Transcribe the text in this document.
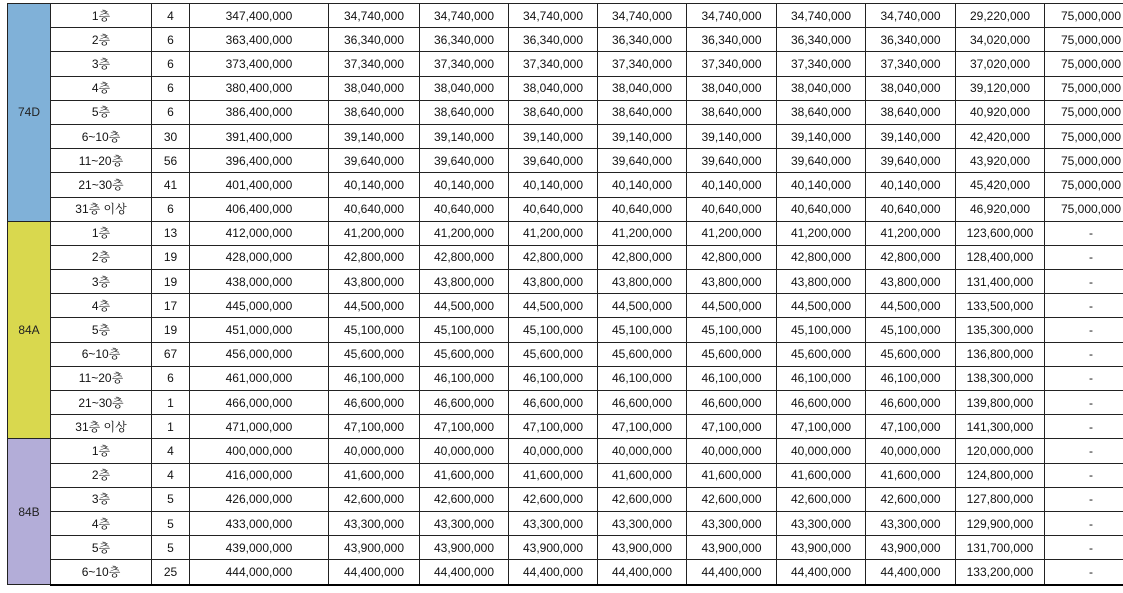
74D	1층	4	347,400,000	34,740,000	34,740,000	34,740,000	34,740,000	34,740,000	34,740,000	34,740,000	29,220,000	75,000,000
	2층	6	363,400,000	36,340,000	36,340,000	36,340,000	36,340,000	36,340,000	36,340,000	36,340,000	34,020,000	75,000,000
	3층	6	373,400,000	37,340,000	37,340,000	37,340,000	37,340,000	37,340,000	37,340,000	37,340,000	37,020,000	75,000,000
	4층	6	380,400,000	38,040,000	38,040,000	38,040,000	38,040,000	38,040,000	38,040,000	38,040,000	39,120,000	75,000,000
	5층	6	386,400,000	38,640,000	38,640,000	38,640,000	38,640,000	38,640,000	38,640,000	38,640,000	40,920,000	75,000,000
	6~10층	30	391,400,000	39,140,000	39,140,000	39,140,000	39,140,000	39,140,000	39,140,000	39,140,000	42,420,000	75,000,000
	11~20층	56	396,400,000	39,640,000	39,640,000	39,640,000	39,640,000	39,640,000	39,640,000	39,640,000	43,920,000	75,000,000
	21~30층	41	401,400,000	40,140,000	40,140,000	40,140,000	40,140,000	40,140,000	40,140,000	40,140,000	45,420,000	75,000,000
	31층 이상	6	406,400,000	40,640,000	40,640,000	40,640,000	40,640,000	40,640,000	40,640,000	40,640,000	46,920,000	75,000,000
84A	1층	13	412,000,000	41,200,000	41,200,000	41,200,000	41,200,000	41,200,000	41,200,000	41,200,000	123,600,000	-
	2층	19	428,000,000	42,800,000	42,800,000	42,800,000	42,800,000	42,800,000	42,800,000	42,800,000	128,400,000	-
	3층	19	438,000,000	43,800,000	43,800,000	43,800,000	43,800,000	43,800,000	43,800,000	43,800,000	131,400,000	-
	4층	17	445,000,000	44,500,000	44,500,000	44,500,000	44,500,000	44,500,000	44,500,000	44,500,000	133,500,000	-
	5층	19	451,000,000	45,100,000	45,100,000	45,100,000	45,100,000	45,100,000	45,100,000	45,100,000	135,300,000	-
	6~10층	67	456,000,000	45,600,000	45,600,000	45,600,000	45,600,000	45,600,000	45,600,000	45,600,000	136,800,000	-
	11~20층	6	461,000,000	46,100,000	46,100,000	46,100,000	46,100,000	46,100,000	46,100,000	46,100,000	138,300,000	-
	21~30층	1	466,000,000	46,600,000	46,600,000	46,600,000	46,600,000	46,600,000	46,600,000	46,600,000	139,800,000	-
	31층 이상	1	471,000,000	47,100,000	47,100,000	47,100,000	47,100,000	47,100,000	47,100,000	47,100,000	141,300,000	-
84B	1층	4	400,000,000	40,000,000	40,000,000	40,000,000	40,000,000	40,000,000	40,000,000	40,000,000	120,000,000	-
	2층	4	416,000,000	41,600,000	41,600,000	41,600,000	41,600,000	41,600,000	41,600,000	41,600,000	124,800,000	-
	3층	5	426,000,000	42,600,000	42,600,000	42,600,000	42,600,000	42,600,000	42,600,000	42,600,000	127,800,000	-
	4층	5	433,000,000	43,300,000	43,300,000	43,300,000	43,300,000	43,300,000	43,300,000	43,300,000	129,900,000	-
	5층	5	439,000,000	43,900,000	43,900,000	43,900,000	43,900,000	43,900,000	43,900,000	43,900,000	131,700,000	-
	6~10층	25	444,000,000	44,400,000	44,400,000	44,400,000	44,400,000	44,400,000	44,400,000	44,400,000	133,200,000	-
